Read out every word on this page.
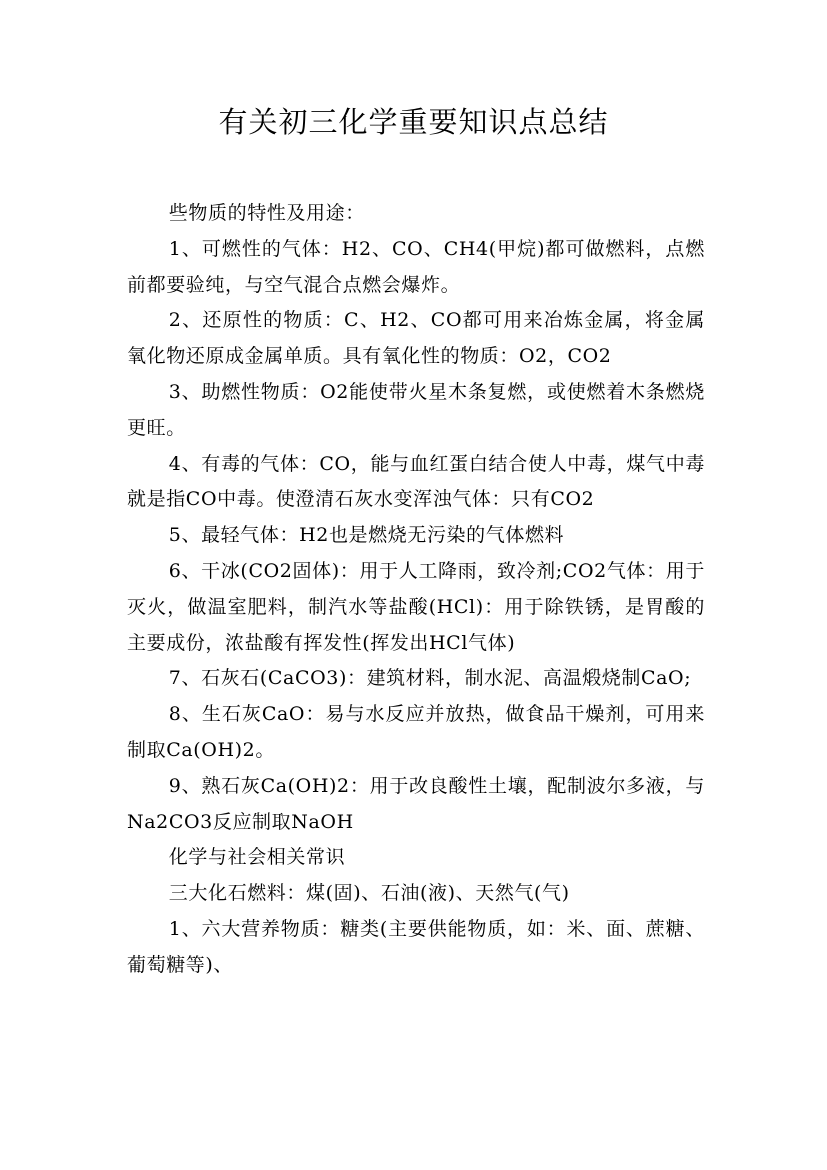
有关初三化学重要知识点总结

些物质的特性及用途：

1、可燃性的气体：H2、CO、CH4(甲烷)都可做燃料，点燃前都要验纯，与空气混合点燃会爆炸。

2、还原性的物质：C、H2、CO都可用来冶炼金属，将金属氧化物还原成金属单质。具有氧化性的物质：O2，CO2

3、助燃性物质：O2能使带火星木条复燃，或使燃着木条燃烧更旺。

4、有毒的气体：CO，能与血红蛋白结合使人中毒，煤气中毒就是指CO中毒。使澄清石灰水变浑浊气体：只有CO2

5、最轻气体：H2也是燃烧无污染的气体燃料

6、干冰(CO2固体)：用于人工降雨，致冷剂;CO2气体：用于灭火，做温室肥料，制汽水等盐酸(HCl)：用于除铁锈，是胃酸的主要成份，浓盐酸有挥发性(挥发出HCl气体)

7、石灰石(CaCO3)：建筑材料，制水泥、高温煅烧制CaO;

8、生石灰CaO：易与水反应并放热，做食品干燥剂，可用来制取Ca(OH)2。

9、熟石灰Ca(OH)2：用于改良酸性土壤，配制波尔多液，与Na2CO3反应制取NaOH

化学与社会相关常识

三大化石燃料：煤(固)、石油(液)、天然气(气)

1、六大营养物质：糖类(主要供能物质，如：米、面、蔗糖、葡萄糖等)、
